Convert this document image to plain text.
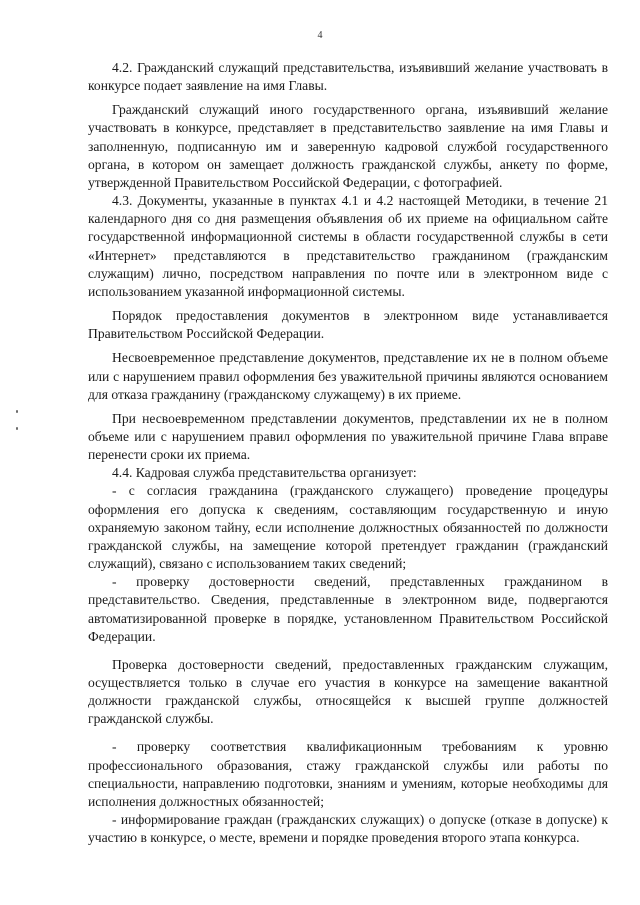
4

4.2. Гражданский служащий представительства, изъявивший желание участвовать в конкурсе подает заявление на имя Главы.

Гражданский служащий иного государственного органа, изъявивший желание участвовать в конкурсе, представляет в представительство заявление на имя Главы и заполненную, подписанную им и заверенную кадровой службой государственного органа, в котором он замещает должность гражданской службы, анкету по форме, утвержденной Правительством Российской Федерации, с фотографией.

4.3. Документы, указанные в пунктах 4.1 и 4.2 настоящей Методики, в течение 21 календарного дня со дня размещения объявления об их приеме на официальном сайте государственной информационной системы в области государственной службы в сети «Интернет» представляются в представительство гражданином (гражданским служащим) лично, посредством направления по почте или в электронном виде с использованием указанной информационной системы.

Порядок предоставления документов в электронном виде устанавливается Правительством Российской Федерации.

Несвоевременное представление документов, представление их не в полном объеме или с нарушением правил оформления без уважительной причины являются основанием для отказа гражданину (гражданскому служащему) в их приеме.

При несвоевременном представлении документов, представлении их не в полном объеме или с нарушением правил оформления по уважительной причине Глава вправе перенести сроки их приема.

4.4. Кадровая служба представительства организует:

- с согласия гражданина (гражданского служащего) проведение процедуры оформления его допуска к сведениям, составляющим государственную и иную охраняемую законом тайну, если исполнение должностных обязанностей по должности гражданской службы, на замещение которой претендует гражданин (гражданский служащий), связано с использованием таких сведений;

- проверку достоверности сведений, представленных гражданином в представительство. Сведения, представленные в электронном виде, подвергаются автоматизированной проверке в порядке, установленном Правительством Российской Федерации.

Проверка достоверности сведений, предоставленных гражданским служащим, осуществляется только в случае его участия в конкурсе на замещение вакантной должности гражданской службы, относящейся к высшей группе должностей гражданской службы.

- проверку соответствия квалификационным требованиям к уровню профессионального образования, стажу гражданской службы или работы по специальности, направлению подготовки, знаниям и умениям, которые необходимы для исполнения должностных обязанностей;

- информирование граждан (гражданских служащих) о допуске (отказе в допуске) к участию в конкурсе, о месте, времени и порядке проведения второго этапа конкурса.
